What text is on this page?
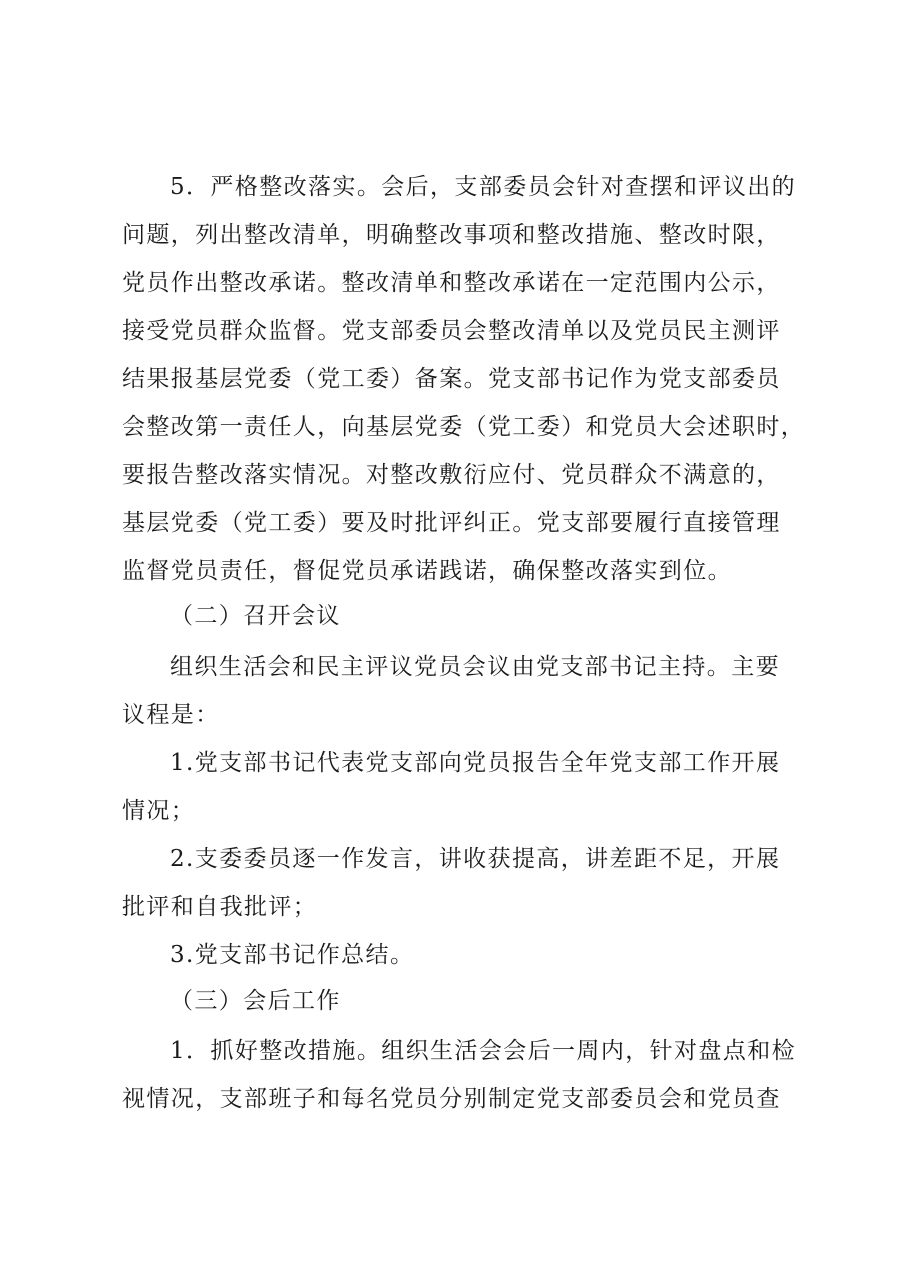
5．严格整改落实。会后，支部委员会针对查摆和评议出的
问题，列出整改清单，明确整改事项和整改措施、整改时限，
党员作出整改承诺。整改清单和整改承诺在一定范围内公示，
接受党员群众监督。党支部委员会整改清单以及党员民主测评
结果报基层党委（党工委）备案。党支部书记作为党支部委员
会整改第一责任人，向基层党委（党工委）和党员大会述职时，
要报告整改落实情况。对整改敷衍应付、党员群众不满意的，
基层党委（党工委）要及时批评纠正。党支部要履行直接管理
监督党员责任，督促党员承诺践诺，确保整改落实到位。
（二）召开会议
组织生活会和民主评议党员会议由党支部书记主持。主要
议程是：
1.党支部书记代表党支部向党员报告全年党支部工作开展
情况；
2.支委委员逐一作发言，讲收获提高，讲差距不足，开展
批评和自我批评；
3.党支部书记作总结。
（三）会后工作
1．抓好整改措施。组织生活会会后一周内，针对盘点和检
视情况，支部班子和每名党员分别制定党支部委员会和党员查
